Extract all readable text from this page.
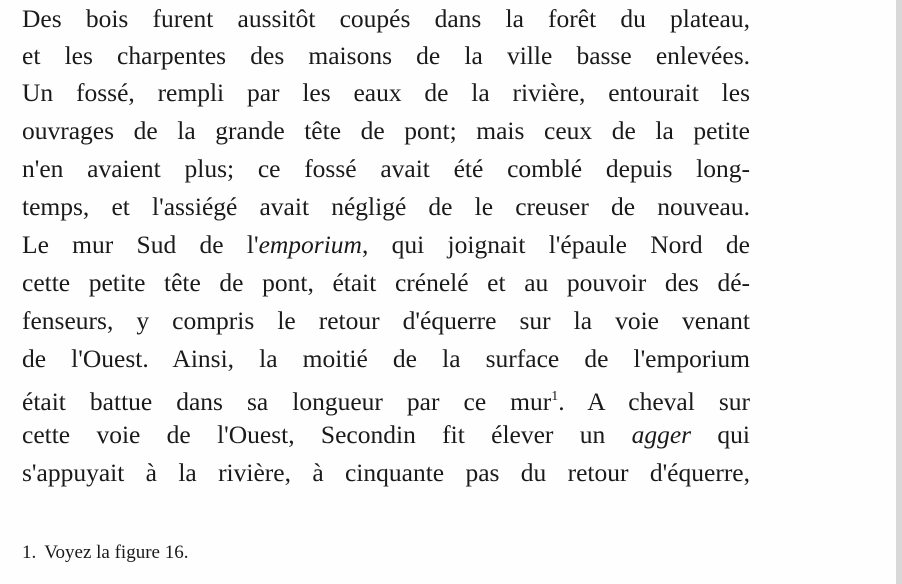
Des bois furent aussitôt coupés dans la forêt du plateau,
et les charpentes des maisons de la ville basse enlevées.
Un fossé, rempli par les eaux de la rivière, entourait les
ouvrages de la grande tête de pont; mais ceux de la petite
n'en avaient plus; ce fossé avait été comblé depuis long-
temps, et l'assiégé avait négligé de le creuser de nouveau.
Le mur Sud de l'emporium, qui joignait l'épaule Nord de
cette petite tête de pont, était crénelé et au pouvoir des dé-
fenseurs, y compris le retour d'équerre sur la voie venant
de l'Ouest. Ainsi, la moitié de la surface de l'emporium
était battue dans sa longueur par ce mur$^1$. A cheval sur
cette voie de l'Ouest, Secondin fit élever un agger qui
s'appuyait à la rivière, à cinquante pas du retour d'équerre,
1. Voyez la figure 16.
